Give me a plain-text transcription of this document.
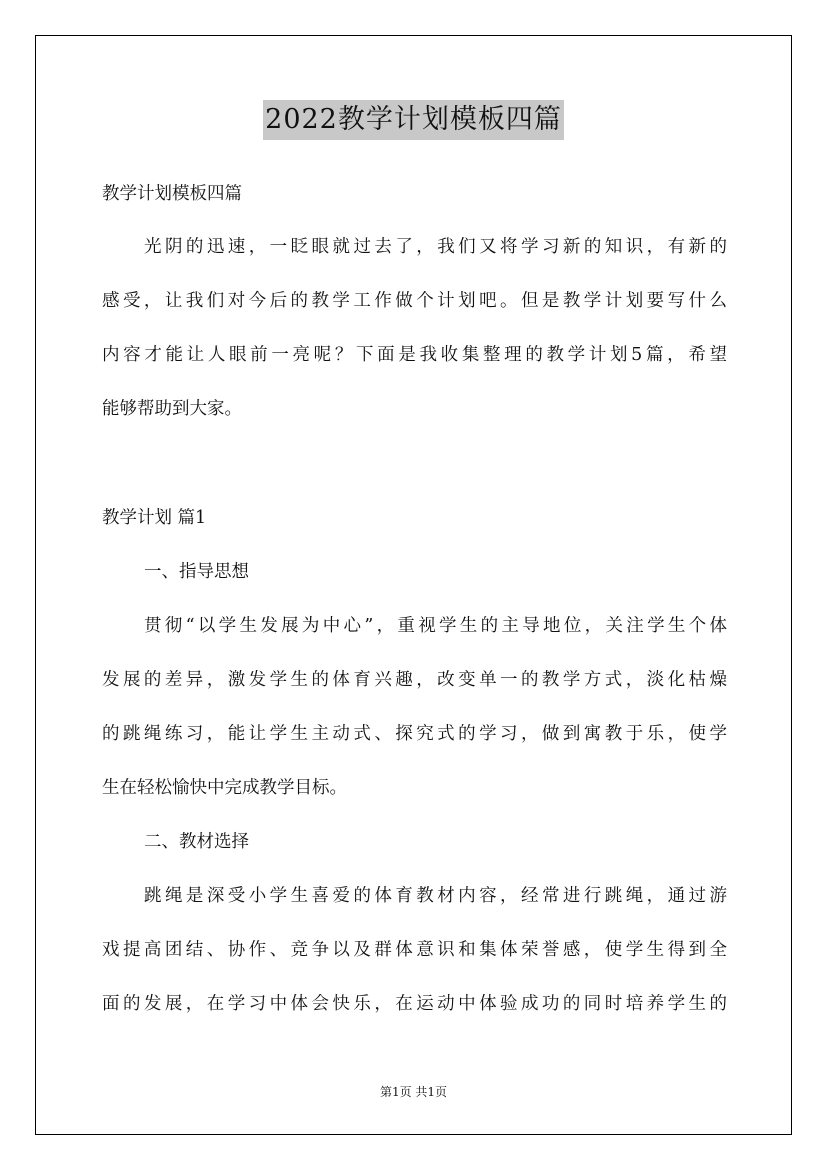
2022教学计划模板四篇
教学计划模板四篇
光阴的迅速，一眨眼就过去了，我们又将学习新的知识，有新的
感受，让我们对今后的教学工作做个计划吧。但是教学计划要写什么
内容才能让人眼前一亮呢？下面是我收集整理的教学计划5篇，希望
能够帮助到大家。
教学计划 篇1
一、指导思想
贯彻“以学生发展为中心”，重视学生的主导地位，关注学生个体
发展的差异，激发学生的体育兴趣，改变单一的教学方式，淡化枯燥
的跳绳练习，能让学生主动式、探究式的学习，做到寓教于乐，使学
生在轻松愉快中完成教学目标。
二、教材选择
跳绳是深受小学生喜爱的体育教材内容，经常进行跳绳，通过游
戏提高团结、协作、竞争以及群体意识和集体荣誉感，使学生得到全
面的发展，在学习中体会快乐，在运动中体验成功的同时培养学生的
第1页 共1页
